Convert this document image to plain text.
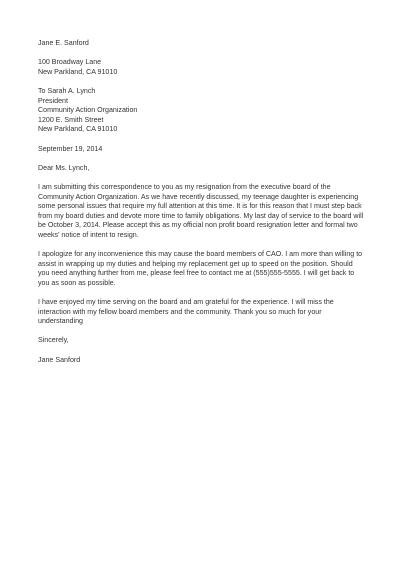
Jane E. Sanford
100 Broadway Lane
New Parkland, CA 91010
To Sarah A. Lynch
President
Community Action Organization
1200 E. Smith Street
New Parkland, CA 91010
September 19, 2014
Dear Ms. Lynch,
I am submitting this correspondence to you as my resignation from the executive board of the
Community Action Organization. As we have recently discussed, my teenage daughter is experiencing
some personal issues that require my full attention at this time. It is for this reason that I must step back
from my board duties and devote more time to family obligations. My last day of service to the board will
be October 3, 2014. Please accept this as my official non profit board resignation letter and formal two
weeks' notice of intent to resign.
I apologize for any inconvenience this may cause the board members of CAO. I am more than willing to
assist in wrapping up my duties and helping my replacement get up to speed on the position. Should
you need anything further from me, please feel free to contact me at (555)555-5555. I will get back to
you as soon as possible.
I have enjoyed my time serving on the board and am grateful for the experience. I will miss the
interaction with my fellow board members and the community. Thank you so much for your
understanding
Sincerely,
Jane Sanford
